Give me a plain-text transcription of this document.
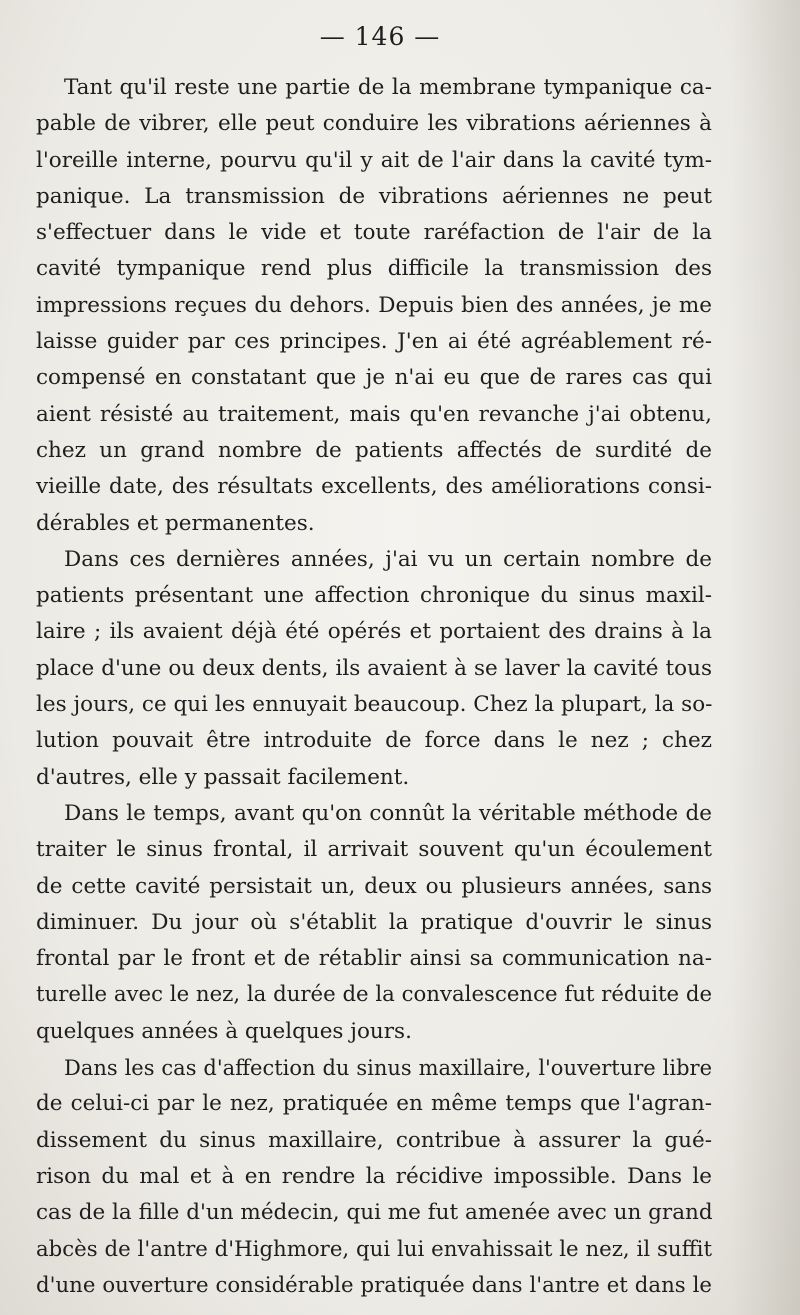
— 146 —

Tant qu'il reste une partie de la membrane tympanique ca-
pable de vibrer, elle peut conduire les vibrations aériennes à
l'oreille interne, pourvu qu'il y ait de l'air dans la cavité tym-
panique. La transmission de vibrations aériennes ne peut
s'effectuer dans le vide et toute raréfaction de l'air de la
cavité tympanique rend plus difficile la transmission des
impressions reçues du dehors. Depuis bien des années, je me
laisse guider par ces principes. J'en ai été agréablement ré-
compensé en constatant que je n'ai eu que de rares cas qui
aient résisté au traitement, mais qu'en revanche j'ai obtenu,
chez un grand nombre de patients affectés de surdité de
vieille date, des résultats excellents, des améliorations consi-
dérables et permanentes.

Dans ces dernières années, j'ai vu un certain nombre de
patients présentant une affection chronique du sinus maxil-
laire ; ils avaient déjà été opérés et portaient des drains à la
place d'une ou deux dents, ils avaient à se laver la cavité tous
les jours, ce qui les ennuyait beaucoup. Chez la plupart, la so-
lution pouvait être introduite de force dans le nez ; chez
d'autres, elle y passait facilement.

Dans le temps, avant qu'on connût la véritable méthode de
traiter le sinus frontal, il arrivait souvent qu'un écoulement
de cette cavité persistait un, deux ou plusieurs années, sans
diminuer. Du jour où s'établit la pratique d'ouvrir le sinus
frontal par le front et de rétablir ainsi sa communication na-
turelle avec le nez, la durée de la convalescence fut réduite de
quelques années à quelques jours.

Dans les cas d'affection du sinus maxillaire, l'ouverture libre
de celui-ci par le nez, pratiquée en même temps que l'agran-
dissement du sinus maxillaire, contribue à assurer la gué-
rison du mal et à en rendre la récidive impossible. Dans le
cas de la fille d'un médecin, qui me fut amenée avec un grand
abcès de l'antre d'Highmore, qui lui envahissait le nez, il suffit
d'une ouverture considérable pratiquée dans l'antre et dans le
